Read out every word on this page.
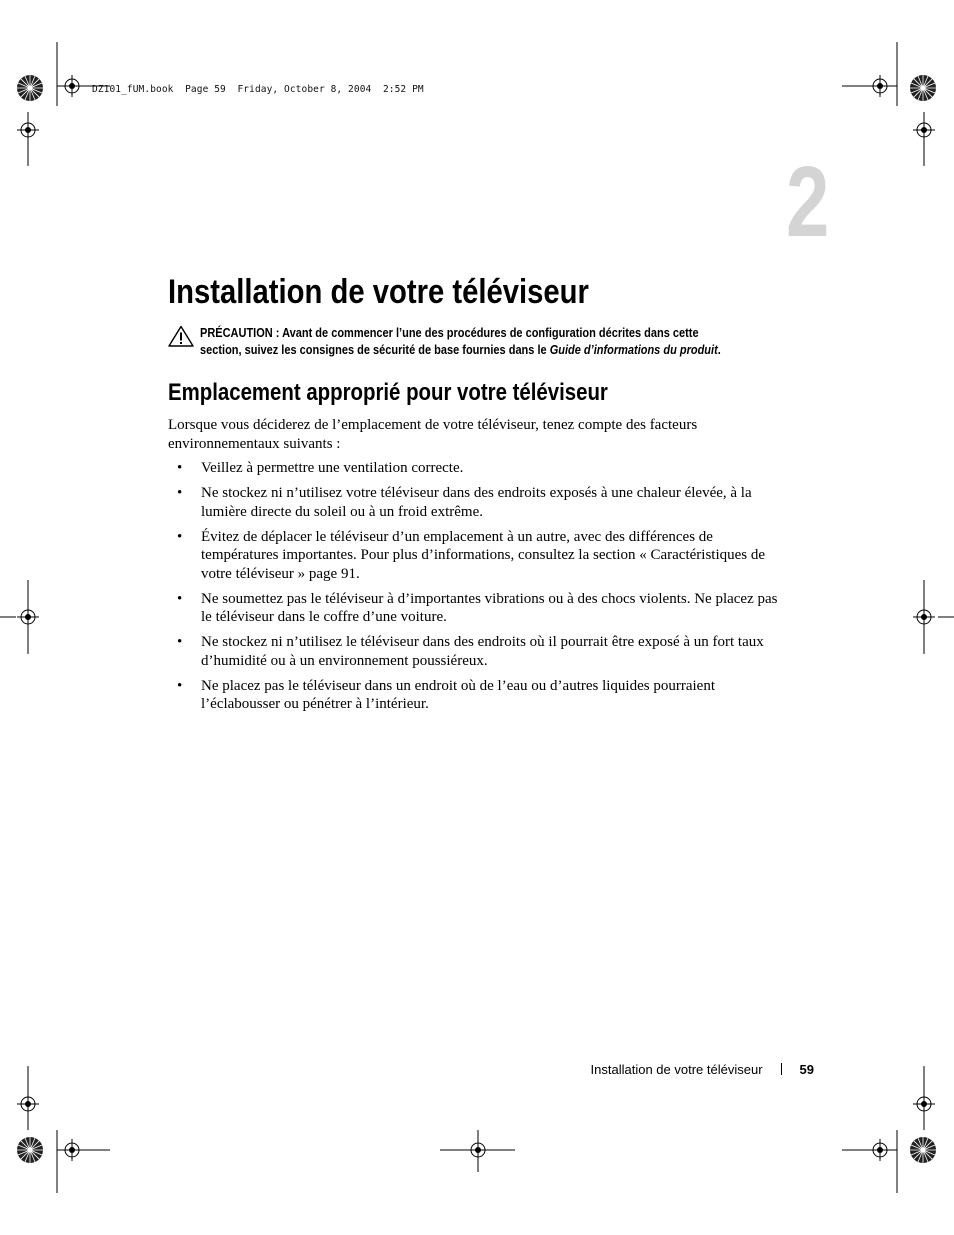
DZ101_fUM.book  Page 59  Friday, October 8, 2004  2:52 PM
2
Installation de votre téléviseur
PRÉCAUTION : Avant de commencer l’une des procédures de configuration décrites dans cette
section, suivez les consignes de sécurité de base fournies dans le Guide d’informations du produit.
Emplacement approprié pour votre téléviseur

Lorsque vous déciderez de l’emplacement de votre téléviseur, tenez compte des facteurs environnementaux suivants :

• Veillez à permettre une ventilation correcte.
• Ne stockez ni n’utilisez votre téléviseur dans des endroits exposés à une chaleur élevée, à la lumière directe du soleil ou à un froid extrême.
• Évitez de déplacer le téléviseur d’un emplacement à un autre, avec des différences de températures importantes. Pour plus d’informations, consultez la section « Caractéristiques de votre téléviseur » page 91.
• Ne soumettez pas le téléviseur à d’importantes vibrations ou à des chocs violents. Ne placez pas le téléviseur dans le coffre d’une voiture.
• Ne stockez ni n’utilisez le téléviseur dans des endroits où il pourrait être exposé à un fort taux d’humidité ou à un environnement poussiéreux.
• Ne placez pas le téléviseur dans un endroit où de l’eau ou d’autres liquides pourraient l’éclabousser ou pénétrer à l’intérieur.
Installation de votre téléviseur	59
